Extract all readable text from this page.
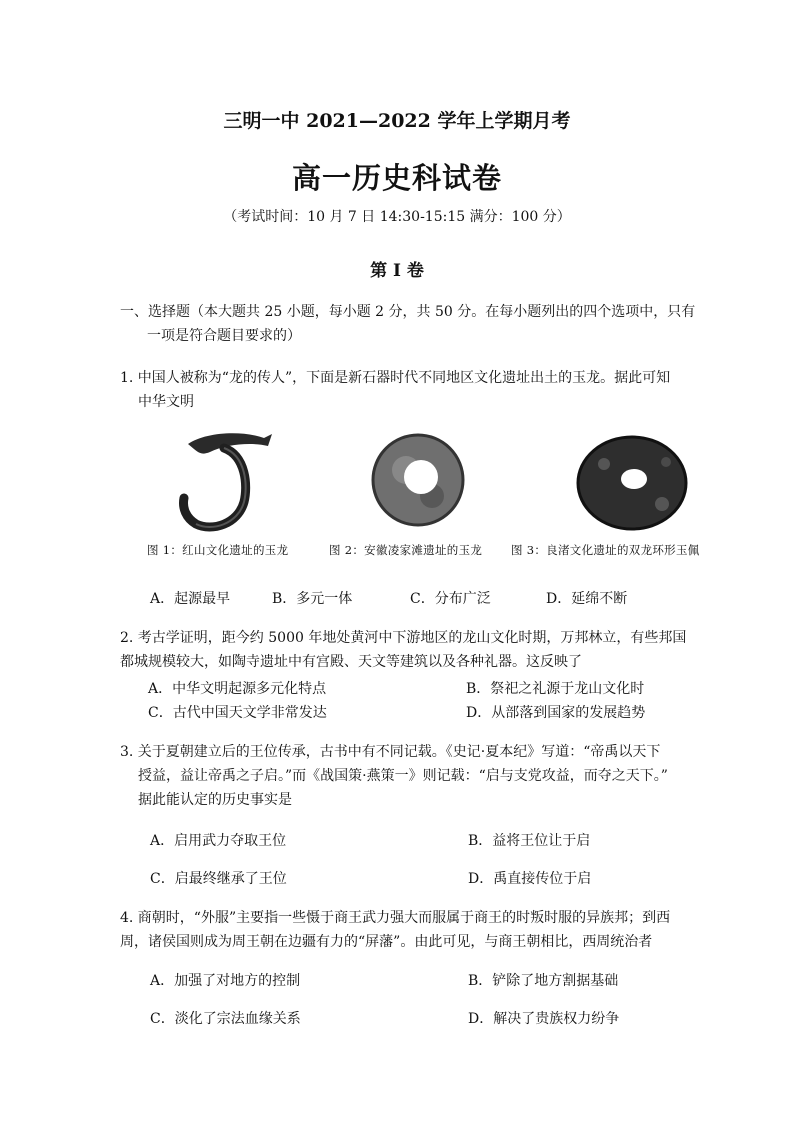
三明一中 2021—2022 学年上学期月考
高一历史科试卷
（考试时间：10 月 7 日 14:30-15:15 满分：100 分）
第 I 卷
一、选择题（本大题共 25 小题，每小题 2 分，共 50 分。在每小题列出的四个选项中，只有
一项是符合题目要求的）
1. 中国人被称为“龙的传人”，下面是新石器时代不同地区文化遗址出土的玉龙。据此可知
中华文明
图 1：红山文化遗址的玉龙	图 2：安徽凌家滩遗址的玉龙	图 3：良渚文化遗址的双龙环形玉佩
A．起源最早	B．多元一体	C．分布广泛	D．延绵不断
2. 考古学证明，距今约 5000 年地处黄河中下游地区的龙山文化时期，万邦林立，有些邦国
都城规模较大，如陶寺遗址中有宫殿、天文等建筑以及各种礼器。这反映了
A．中华文明起源多元化特点	B．祭祀之礼源于龙山文化时
C．古代中国天文学非常发达	D．从部落到国家的发展趋势
3. 关于夏朝建立后的王位传承，古书中有不同记载。《史记·夏本纪》写道：“帝禹以天下
授益，益让帝禹之子启。”而《战国策·燕策一》则记载：“启与支党攻益，而夺之天下。”
据此能认定的历史事实是
A．启用武力夺取王位	B．益将王位让于启
C．启最终继承了王位	D．禹直接传位于启
4. 商朝时，“外服”主要指一些慑于商王武力强大而服属于商王的时叛时服的异族邦；到西
周，诸侯国则成为周王朝在边疆有力的“屏藩”。由此可见，与商王朝相比，西周统治者
A．加强了对地方的控制	B．铲除了地方割据基础
C．淡化了宗法血缘关系	D．解决了贵族权力纷争
